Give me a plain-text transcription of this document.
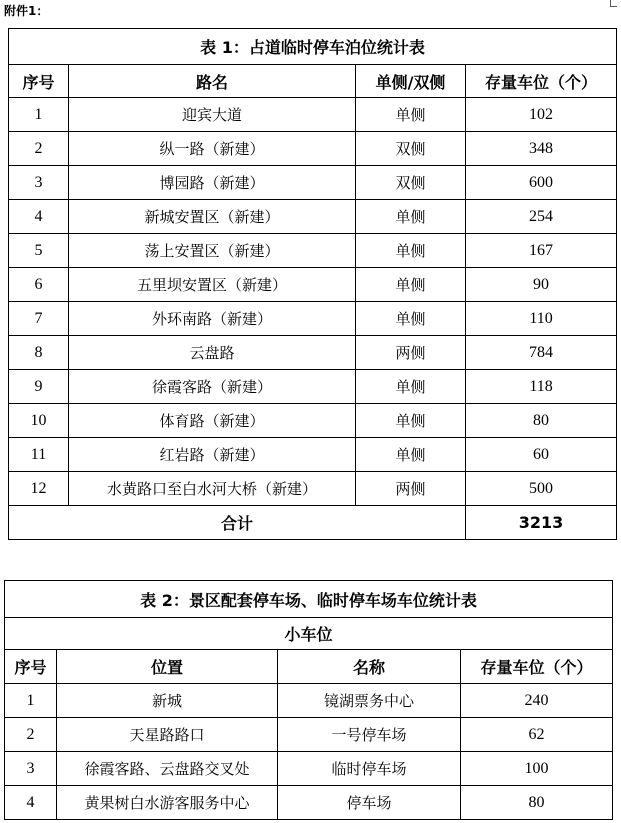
附件1：
表 1：占道临时停车泊位统计表			
序号	路名	单侧/双侧	存量车位（个）
1	迎宾大道	单侧	102
2	纵一路（新建）	双侧	348
3	博园路（新建）	双侧	600
4	新城安置区（新建）	单侧	254
5	荡上安置区（新建）	单侧	167
6	五里坝安置区（新建）	单侧	90
7	外环南路（新建）	单侧	110
8	云盘路	两侧	784
9	徐霞客路（新建）	单侧	118
10	体育路（新建）	单侧	80
11	红岩路（新建）	单侧	60
12	水黄路口至白水河大桥（新建）	两侧	500
合计			3213
表 2：景区配套停车场、临时停车场车位统计表			
小车位			
序号	位置	名称	存量车位（个）
1	新城	镜湖票务中心	240
2	天星路路口	一号停车场	62
3	徐霞客路、云盘路交叉处	临时停车场	100
4	黄果树白水游客服务中心	停车场	80
